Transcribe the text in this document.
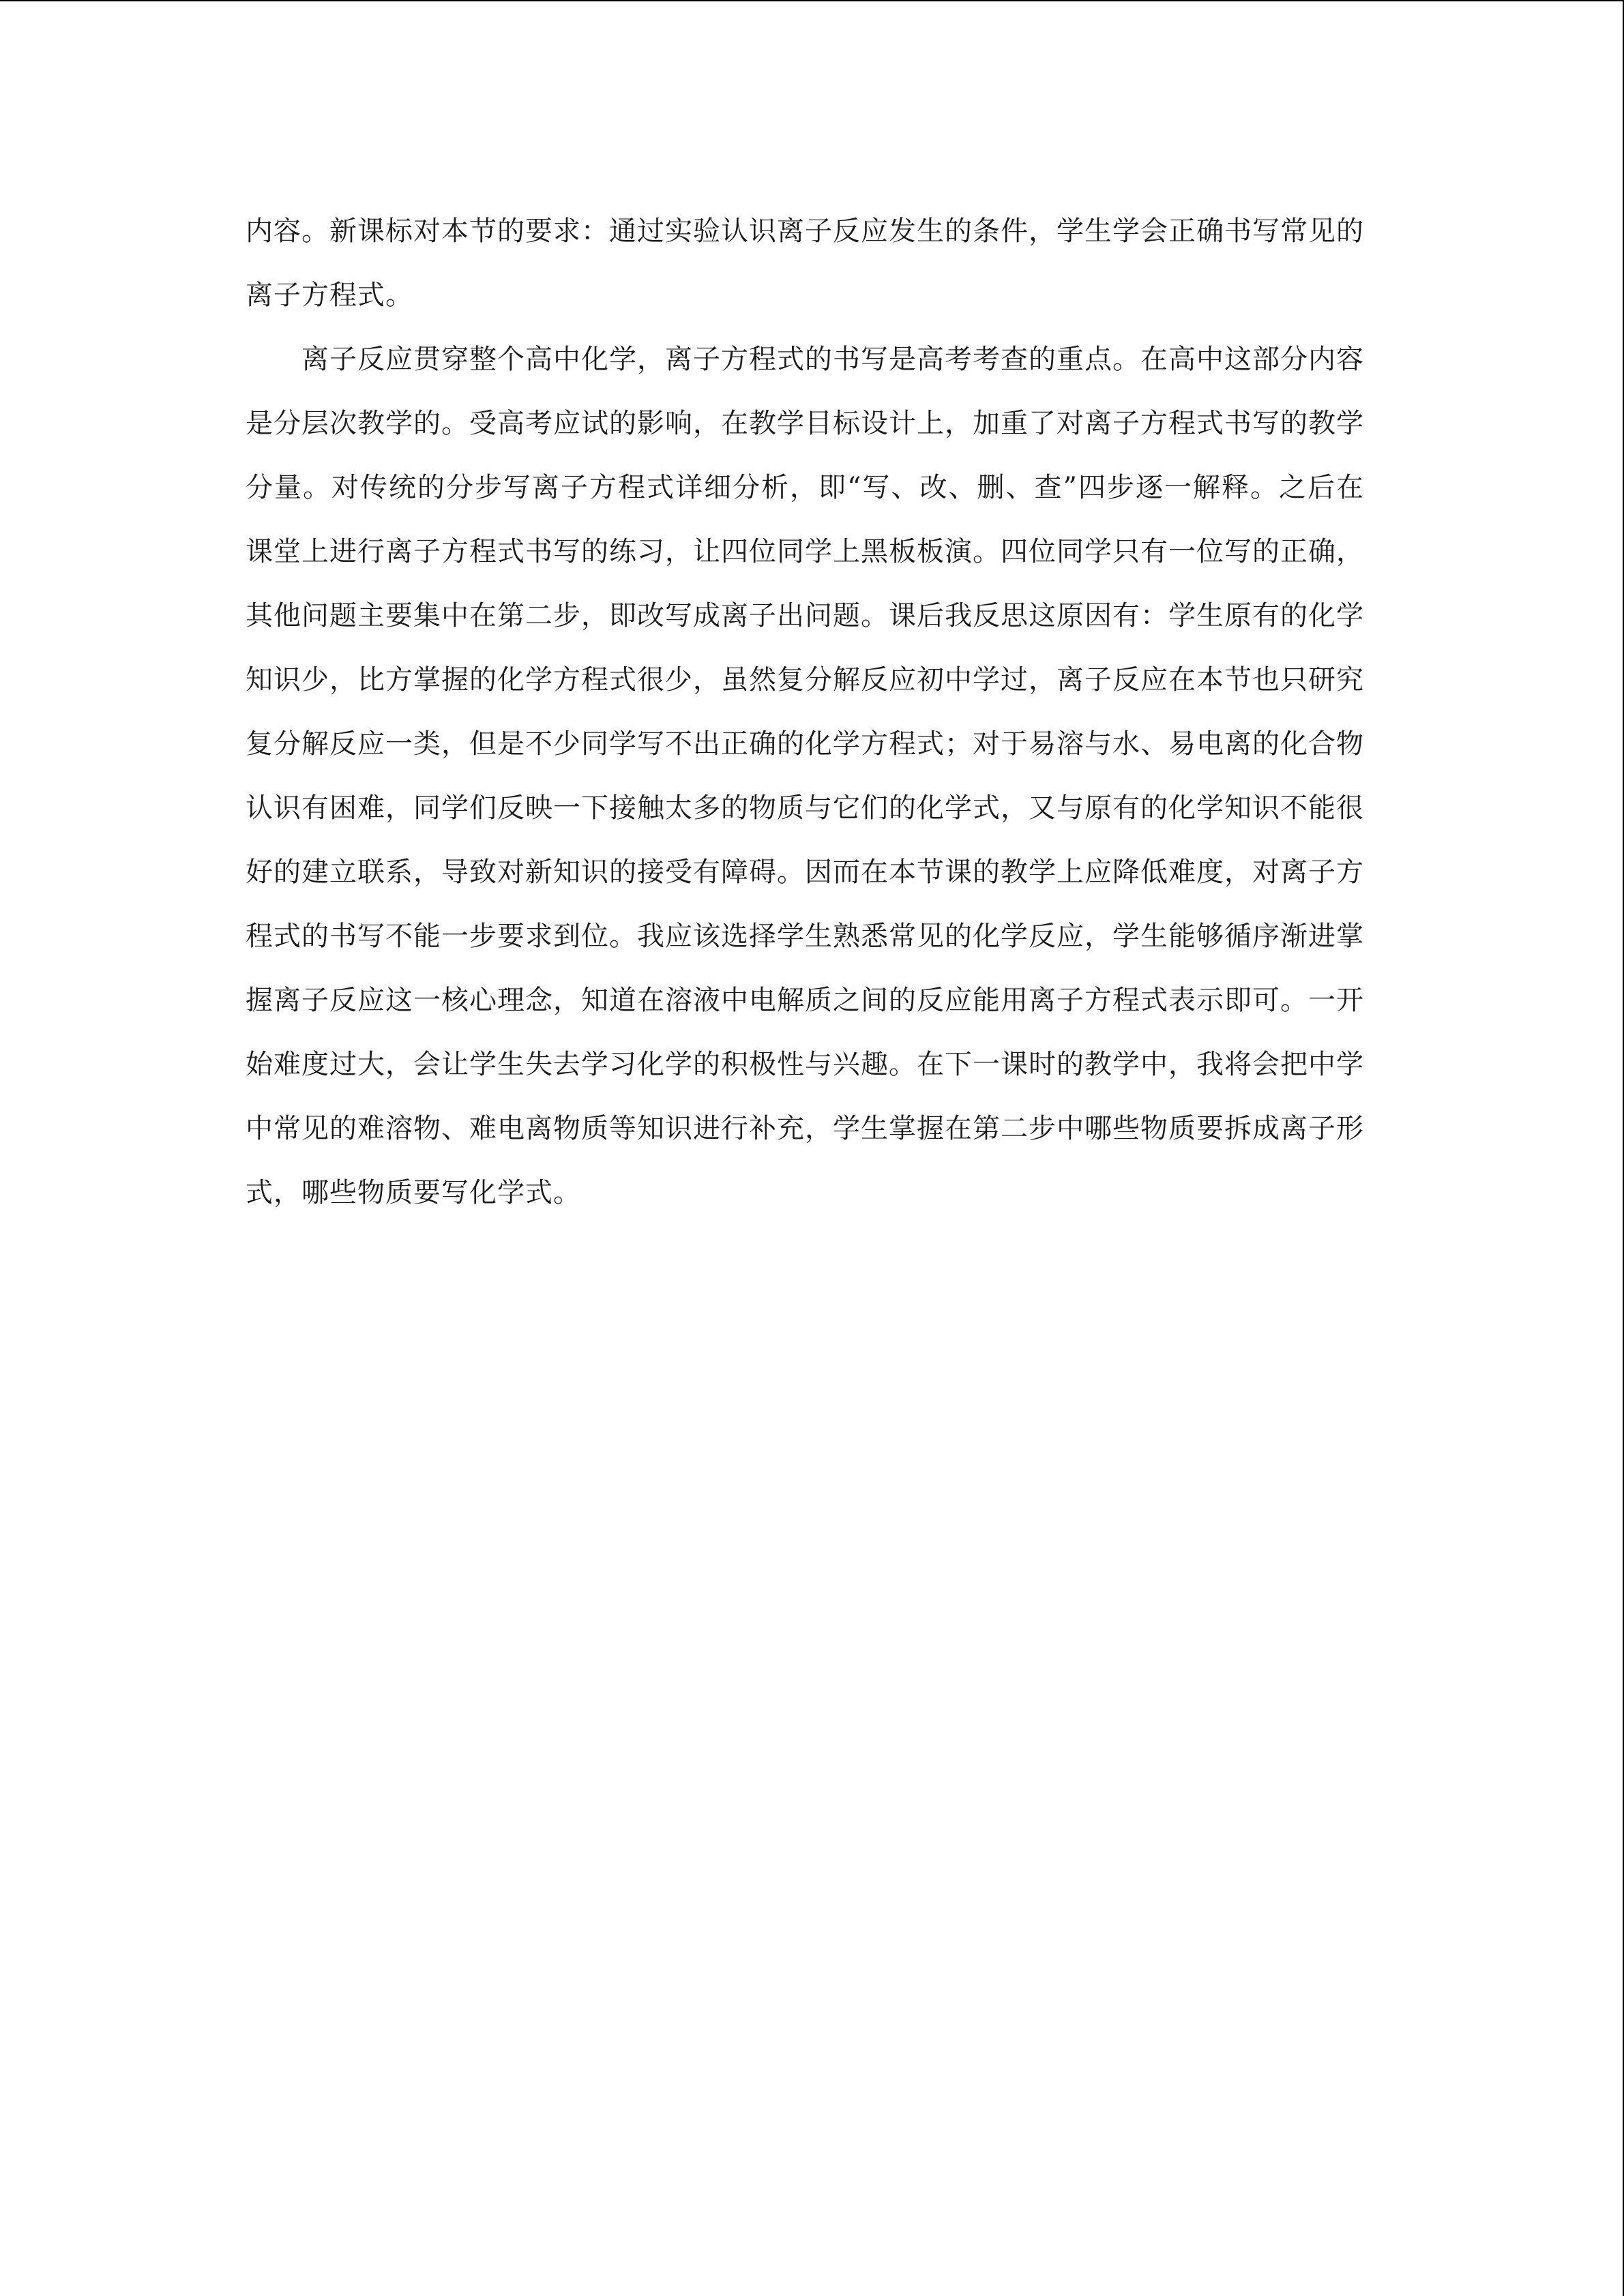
内容。新课标对本节的要求：通过实验认识离子反应发生的条件，学生学会正确书写常见的离子方程式。

离子反应贯穿整个高中化学，离子方程式的书写是高考考查的重点。在高中这部分内容是分层次教学的。受高考应试的影响，在教学目标设计上，加重了对离子方程式书写的教学分量。对传统的分步写离子方程式详细分析，即“写、改、删、查”四步逐一解释。之后在课堂上进行离子方程式书写的练习，让四位同学上黑板板演。四位同学只有一位写的正确，其他问题主要集中在第二步，即改写成离子出问题。课后我反思这原因有：学生原有的化学知识少，比方掌握的化学方程式很少，虽然复分解反应初中学过，离子反应在本节也只研究复分解反应一类，但是不少同学写不出正确的化学方程式；对于易溶与水、易电离的化合物认识有困难，同学们反映一下接触太多的物质与它们的化学式，又与原有的化学知识不能很好的建立联系，导致对新知识的接受有障碍。因而在本节课的教学上应降低难度，对离子方程式的书写不能一步要求到位。我应该选择学生熟悉常见的化学反应，学生能够循序渐进掌握离子反应这一核心理念，知道在溶液中电解质之间的反应能用离子方程式表示即可。一开始难度过大，会让学生失去学习化学的积极性与兴趣。在下一课时的教学中，我将会把中学中常见的难溶物、难电离物质等知识进行补充，学生掌握在第二步中哪些物质要拆成离子形式，哪些物质要写化学式。
